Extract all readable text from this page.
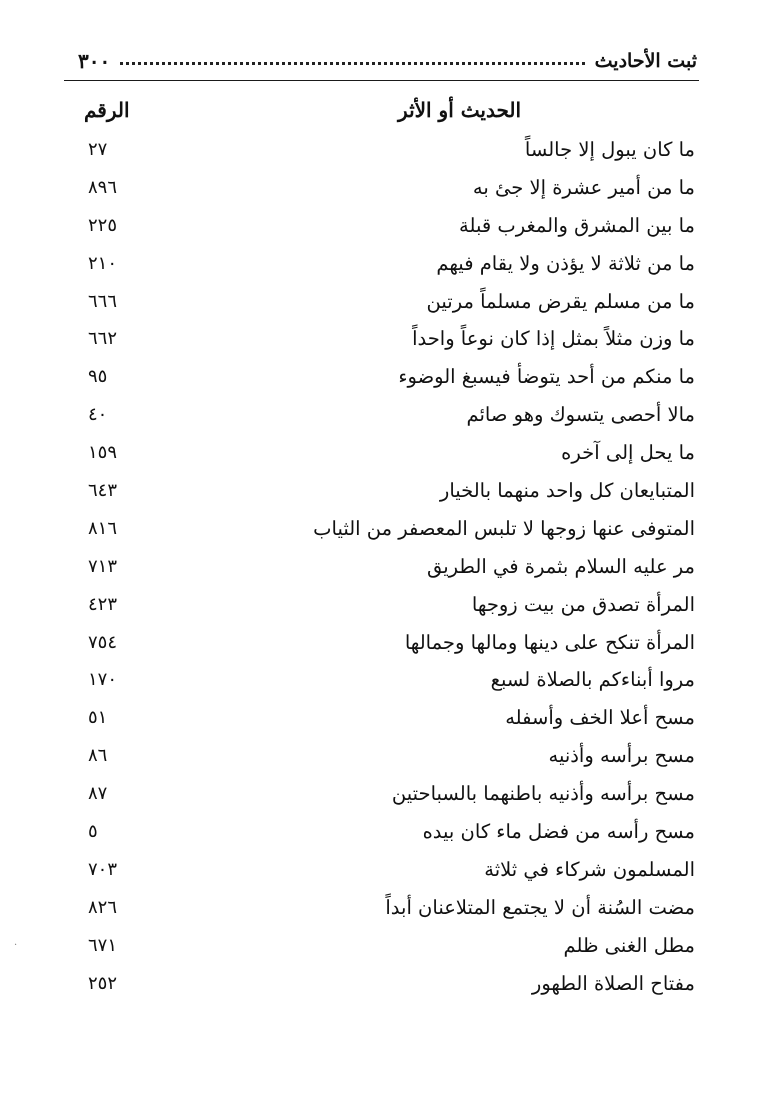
ثبت الأحاديث
٣٠٠
الحديث أو الأثر
الرقم
ما كان يبول إلا جالساً
٢٧
ما من أمير عشرة إلا جئ به
٨٩٦
ما بين المشرق والمغرب قبلة
٢٢٥
ما من ثلاثة لا يؤذن ولا يقام فيهم
٢١٠
ما من مسلم يقرض مسلماً مرتين
٦٦٦
ما وزن مثلاً بمثل إذا كان نوعاً واحداً
٦٦٢
ما منكم من أحد يتوضأ فيسبغ الوضوء
٩٥
مالا أحصى يتسوك وهو صائم
٤٠
ما يحل إلى آخره
١٥٩
المتبايعان كل واحد منهما بالخيار
٦٤٣
المتوفى عنها زوجها لا تلبس المعصفر من الثياب
٨١٦
مر عليه السلام بثمرة في الطريق
٧١٣
المرأة تصدق من بيت زوجها
٤٢٣
المرأة تنكح على دينها ومالها وجمالها
٧٥٤
مروا أبناءكم بالصلاة لسبع
١٧٠
مسح أعلا الخف وأسفله
٥١
مسح برأسه وأذنيه
٨٦
مسح برأسه وأذنيه باطنهما بالسباحتين
٨٧
مسح رأسه من فضل ماء كان بيده
٥
المسلمون شركاء في ثلاثة
٧٠٣
مضت السُنة أن لا يجتمع المتلاعنان أبداً
٨٢٦
مطل الغنى ظلم
٦٧١
مفتاح الصلاة الطهور
٢٥٢
·
